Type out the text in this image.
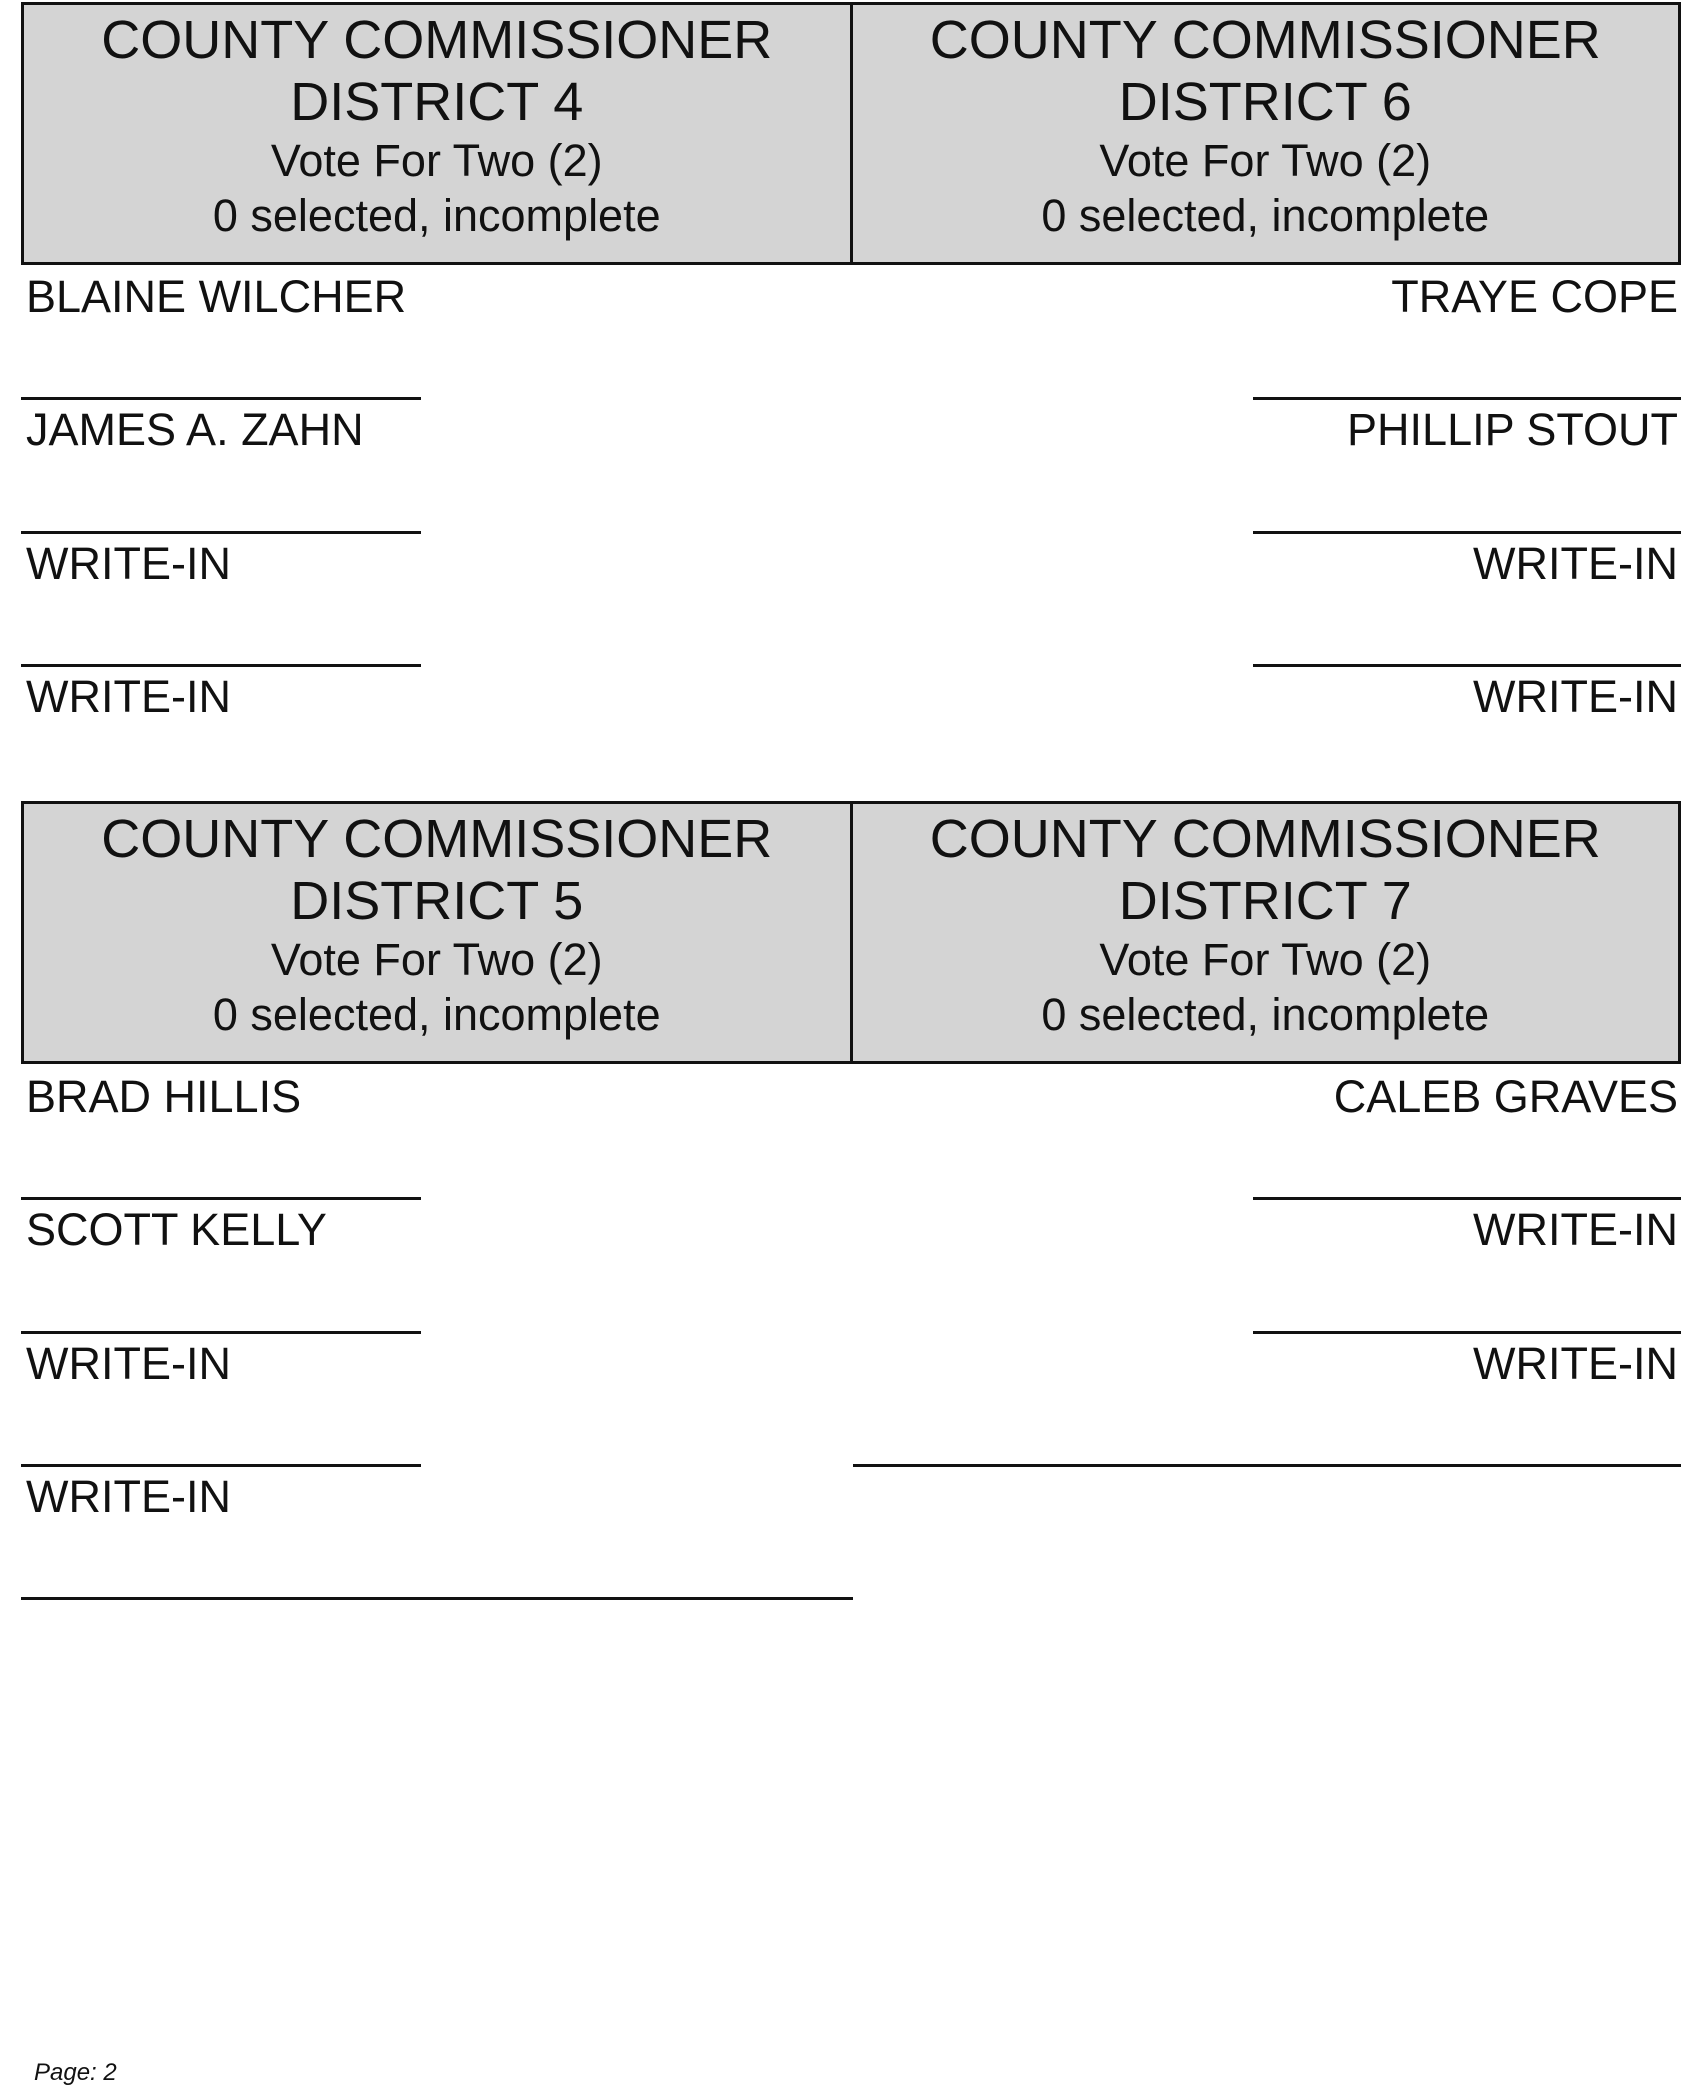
COUNTY COMMISSIONER
DISTRICT 4
Vote For Two (2)
0 selected, incomplete
COUNTY COMMISSIONER
DISTRICT 6
Vote For Two (2)
0 selected, incomplete
BLAINE WILCHER
JAMES A. ZAHN
WRITE-IN
WRITE-IN
TRAYE COPE
PHILLIP STOUT
WRITE-IN
WRITE-IN
COUNTY COMMISSIONER
DISTRICT 5
Vote For Two (2)
0 selected, incomplete
COUNTY COMMISSIONER
DISTRICT 7
Vote For Two (2)
0 selected, incomplete
BRAD HILLIS
SCOTT KELLY
WRITE-IN
WRITE-IN
CALEB GRAVES
WRITE-IN
WRITE-IN
Page: 2
